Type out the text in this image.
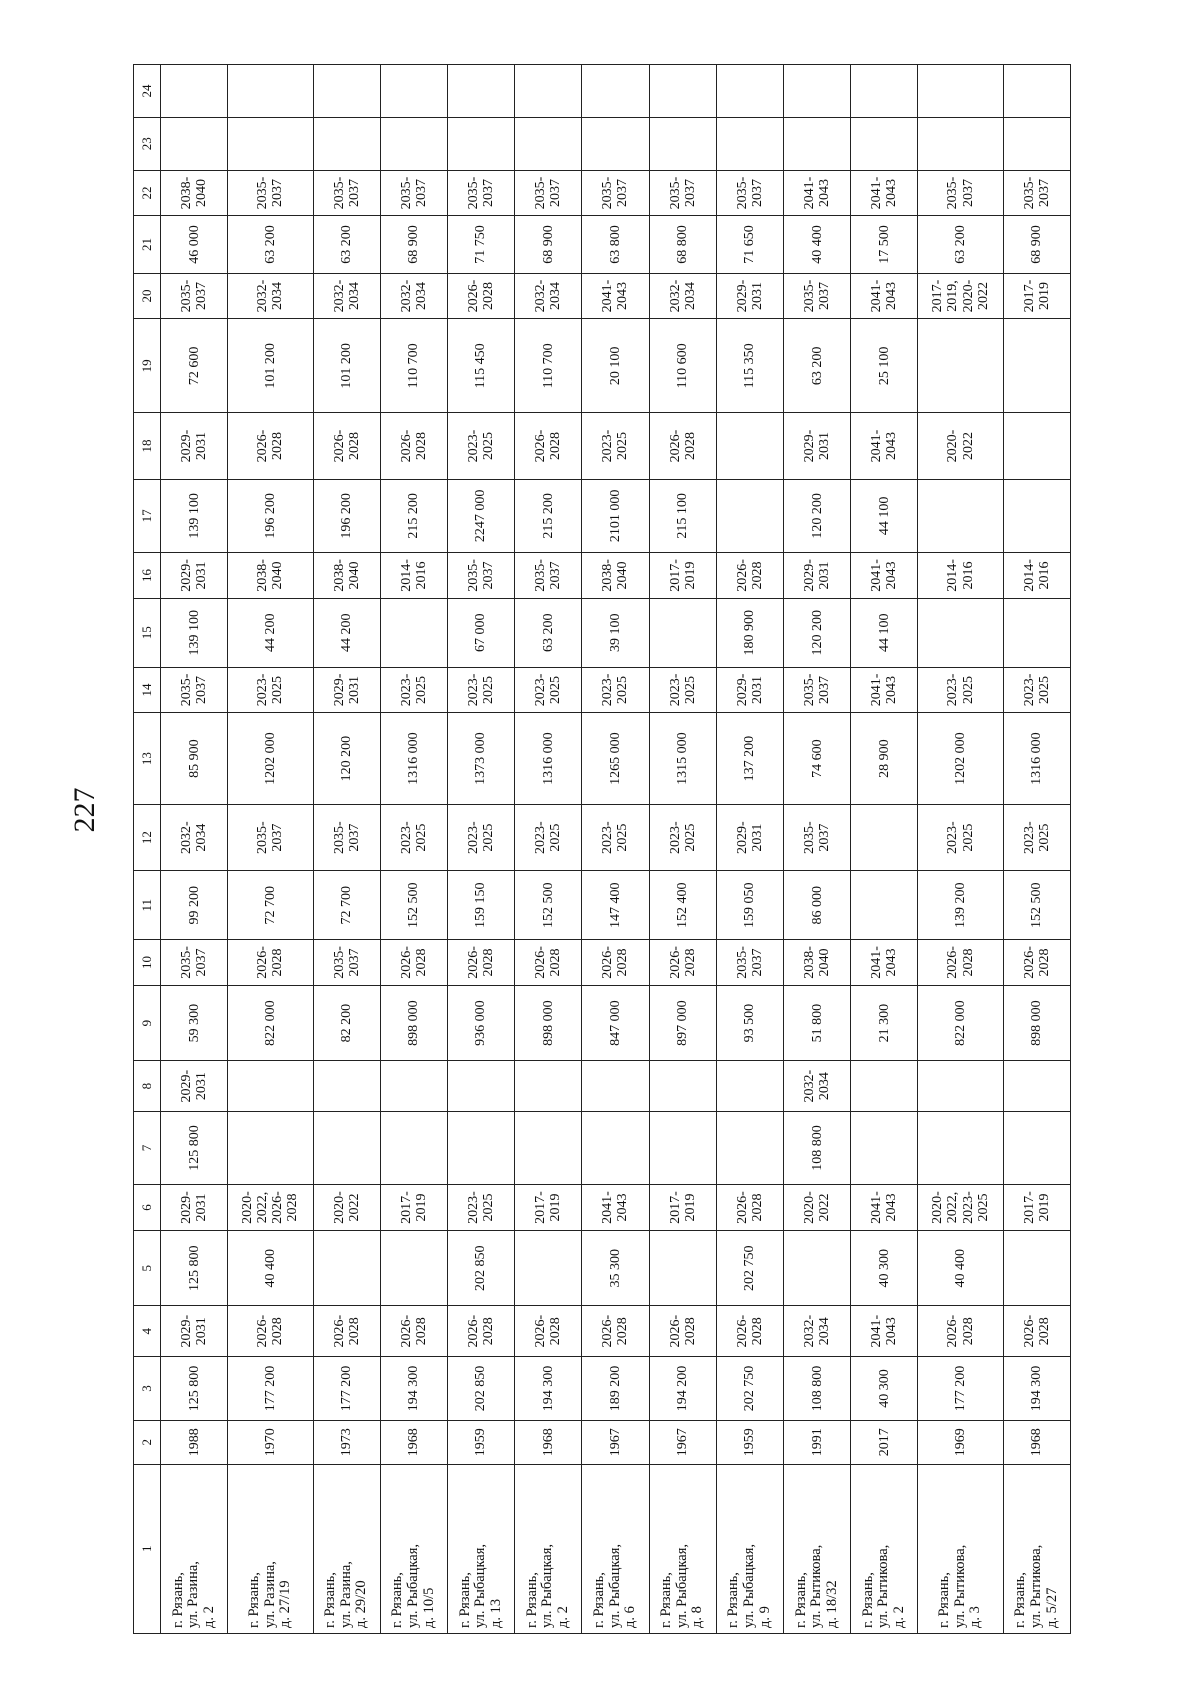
227
1	2	3	4	5	6	7	8	9	10	11	12	13	14	15	16	17	18	19	20	21	22	23	24

г. Рязань, ул. Разина, д. 2	1988	125 800	2029-2031	125 800	2029-2031	125 800	2029-2031	59 300	2035-2037	99 200	2032-2034	85 900	2035-2037	139 100	2029-2031	139 100	2029-2031	72 600	2035-2037	46 000	2038-2040		

г. Рязань, ул. Разина, д. 27/19	1970	177 200	2026-2028	40 400	2020-2022, 2026-2028			822 000	2026-2028	72 700	2035-2037	1202 000	2023-2025	44 200	2038-2040	196 200	2026-2028	101 200	2032-2034	63 200	2035-2037		

г. Рязань, ул. Разина, д. 29/20	1973	177 200	2026-2028		2020-2022			82 200	2035-2037	72 700	2035-2037	120 200	2029-2031	44 200	2038-2040	196 200	2026-2028	101 200	2032-2034	63 200	2035-2037		

г. Рязань, ул. Рыбацкая, д. 10/5	1968	194 300	2026-2028		2017-2019			898 000	2026-2028	152 500	2023-2025	1316 000	2023-2025		2014-2016	215 200	2026-2028	110 700	2032-2034	68 900	2035-2037		

г. Рязань, ул. Рыбацкая, д. 13	1959	202 850	2026-2028	202 850	2023-2025			936 000	2026-2028	159 150	2023-2025	1373 000	2023-2025	67 000	2035-2037	2247 000	2023-2025	115 450	2026-2028	71 750	2035-2037		

г. Рязань, ул. Рыбацкая, д. 2	1968	194 300	2026-2028		2017-2019			898 000	2026-2028	152 500	2023-2025	1316 000	2023-2025	63 200	2035-2037	215 200	2026-2028	110 700	2032-2034	68 900	2035-2037		

г. Рязань, ул. Рыбацкая, д. 6	1967	189 200	2026-2028	35 300	2041-2043			847 000	2026-2028	147 400	2023-2025	1265 000	2023-2025	39 100	2038-2040	2101 000	2023-2025	20 100	2041-2043	63 800	2035-2037		

г. Рязань, ул. Рыбацкая, д. 8	1967	194 200	2026-2028		2017-2019			897 000	2026-2028	152 400	2023-2025	1315 000	2023-2025		2017-2019	215 100	2026-2028	110 600	2032-2034	68 800	2035-2037		

г. Рязань, ул. Рыбацкая, д. 9	1959	202 750	2026-2028	202 750	2026-2028			93 500	2035-2037	159 050	2029-2031	137 200	2029-2031	180 900	2026-2028			115 350	2029-2031	71 650	2035-2037		

г. Рязань, ул. Рытикова, д. 18/32	1991	108 800	2032-2034		2020-2022	108 800	2032-2034	51 800	2038-2040	86 000	2035-2037	74 600	2035-2037	120 200	2029-2031	120 200	2029-2031	63 200	2035-2037	40 400	2041-2043		

г. Рязань, ул. Рытикова, д. 2	2017	40 300	2041-2043	40 300	2041-2043			21 300	2041-2043			28 900	2041-2043	44 100	2041-2043	44 100	2041-2043	25 100	2041-2043	17 500	2041-2043		

г. Рязань, ул. Рытикова, д. 3	1969	177 200	2026-2028	40 400	2020-2022, 2023-2025			822 000	2026-2028	139 200	2023-2025	1202 000	2023-2025		2014-2016		2020-2022		2017-2019, 2020-2022	63 200	2035-2037		

г. Рязань, ул. Рытикова, д. 5/27	1968	194 300	2026-2028		2017-2019			898 000	2026-2028	152 500	2023-2025	1316 000	2023-2025		2014-2016				2017-2019	68 900	2035-2037		
